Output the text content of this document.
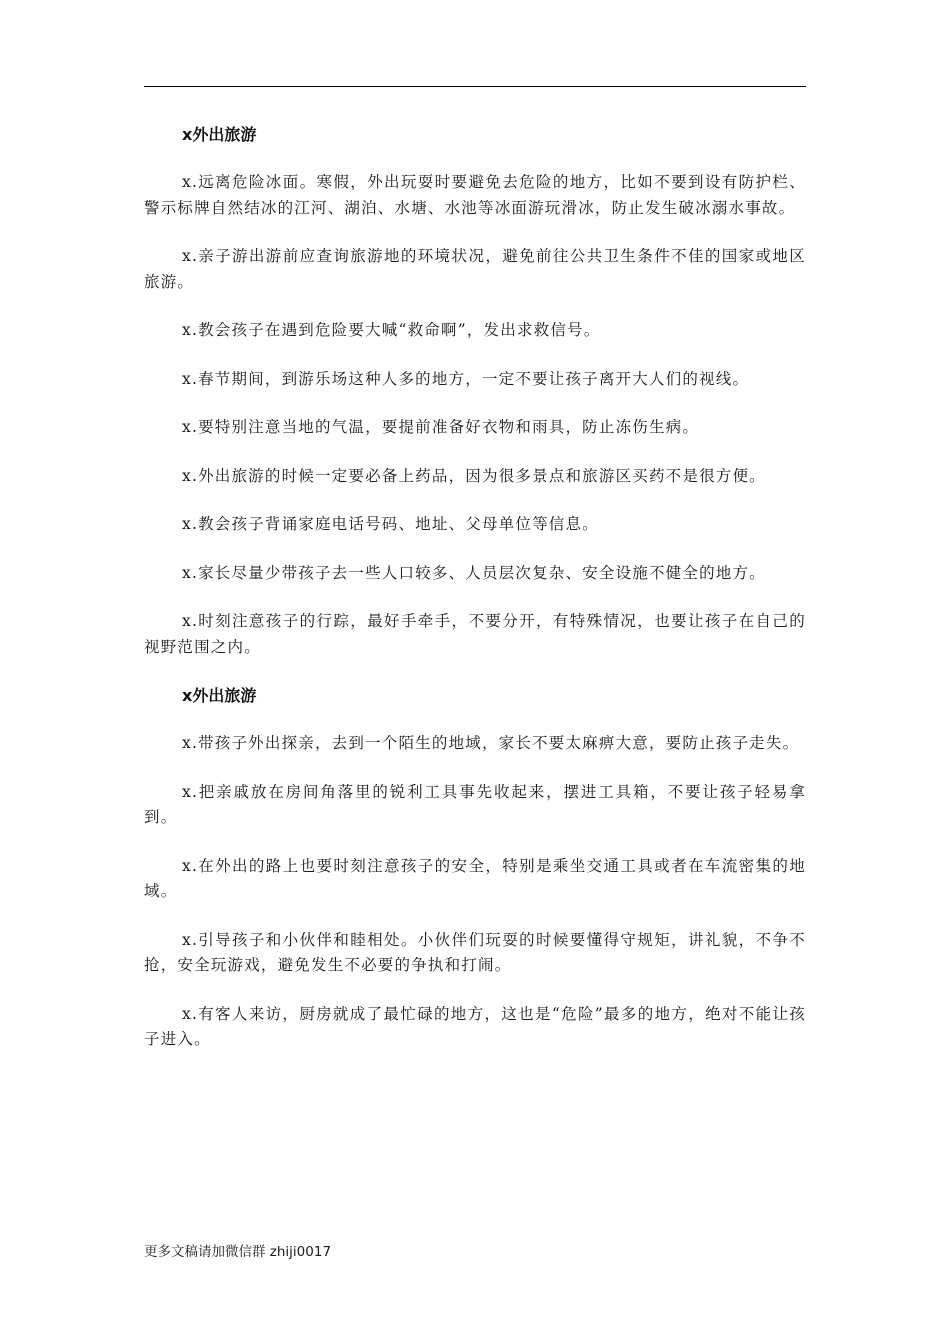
x外出旅游

x.远离危险冰面。寒假，外出玩耍时要避免去危险的地方，比如不要到设有防护栏、警示标牌自然结冰的江河、湖泊、水塘、水池等冰面游玩滑冰，防止发生破冰溺水事故。

x.亲子游出游前应查询旅游地的环境状况，避免前往公共卫生条件不佳的国家或地区旅游。

x.教会孩子在遇到危险要大喊“救命啊”，发出求救信号。

x.春节期间，到游乐场这种人多的地方，一定不要让孩子离开大人们的视线。

x.要特别注意当地的气温，要提前准备好衣物和雨具，防止冻伤生病。

x.外出旅游的时候一定要必备上药品，因为很多景点和旅游区买药不是很方便。

x.教会孩子背诵家庭电话号码、地址、父母单位等信息。

x.家长尽量少带孩子去一些人口较多、人员层次复杂、安全设施不健全的地方。

x.时刻注意孩子的行踪，最好手牵手，不要分开，有特殊情况，也要让孩子在自己的视野范围之内。

x外出旅游

x.带孩子外出探亲，去到一个陌生的地域，家长不要太麻痹大意，要防止孩子走失。

x.把亲戚放在房间角落里的锐利工具事先收起来，摆进工具箱，不要让孩子轻易拿到。

x.在外出的路上也要时刻注意孩子的安全，特别是乘坐交通工具或者在车流密集的地域。

x.引导孩子和小伙伴和睦相处。小伙伴们玩耍的时候要懂得守规矩，讲礼貌，不争不抢，安全玩游戏，避免发生不必要的争执和打闹。

x.有客人来访，厨房就成了最忙碌的地方，这也是“危险”最多的地方，绝对不能让孩子进入。

更多文稿请加微信群 zhiji0017
